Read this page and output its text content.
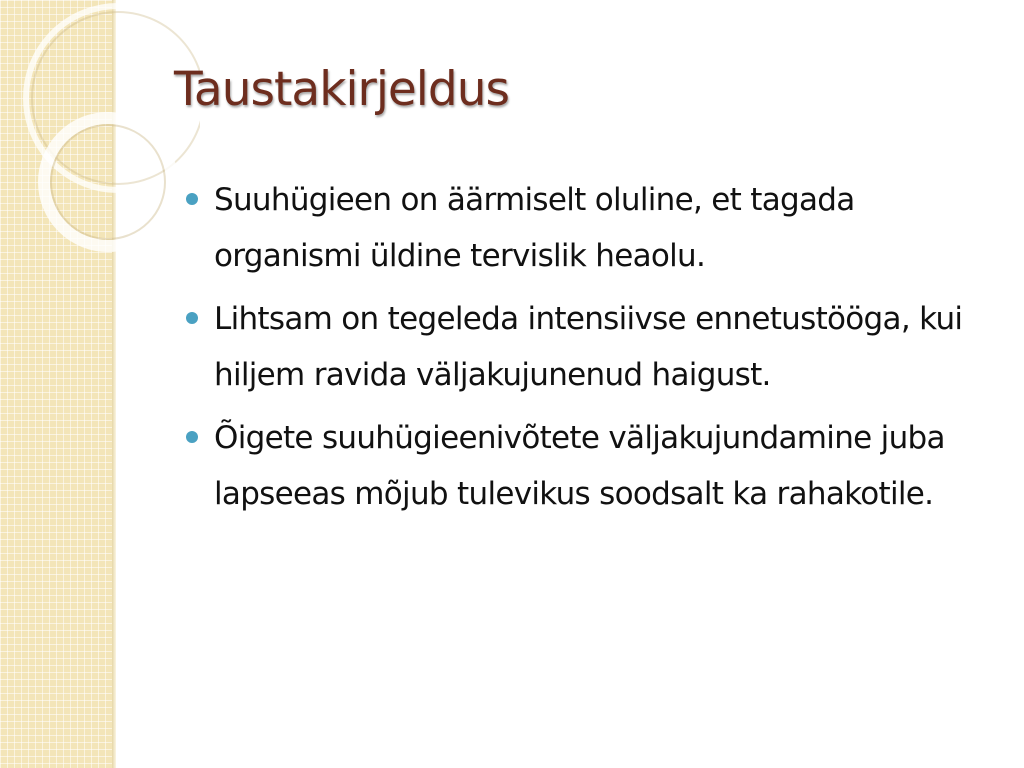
Taustakirjeldus
Suuhügieen on äärmiselt oluline, et tagada organismi üldine tervislik heaolu.
Lihtsam on tegeleda intensiivse ennetustööga, kui hiljem ravida väljakujunenud haigust.
Õigete suuhügieenivõtete väljakujundamine juba lapseeas mõjub tulevikus soodsalt ka rahakotile.
